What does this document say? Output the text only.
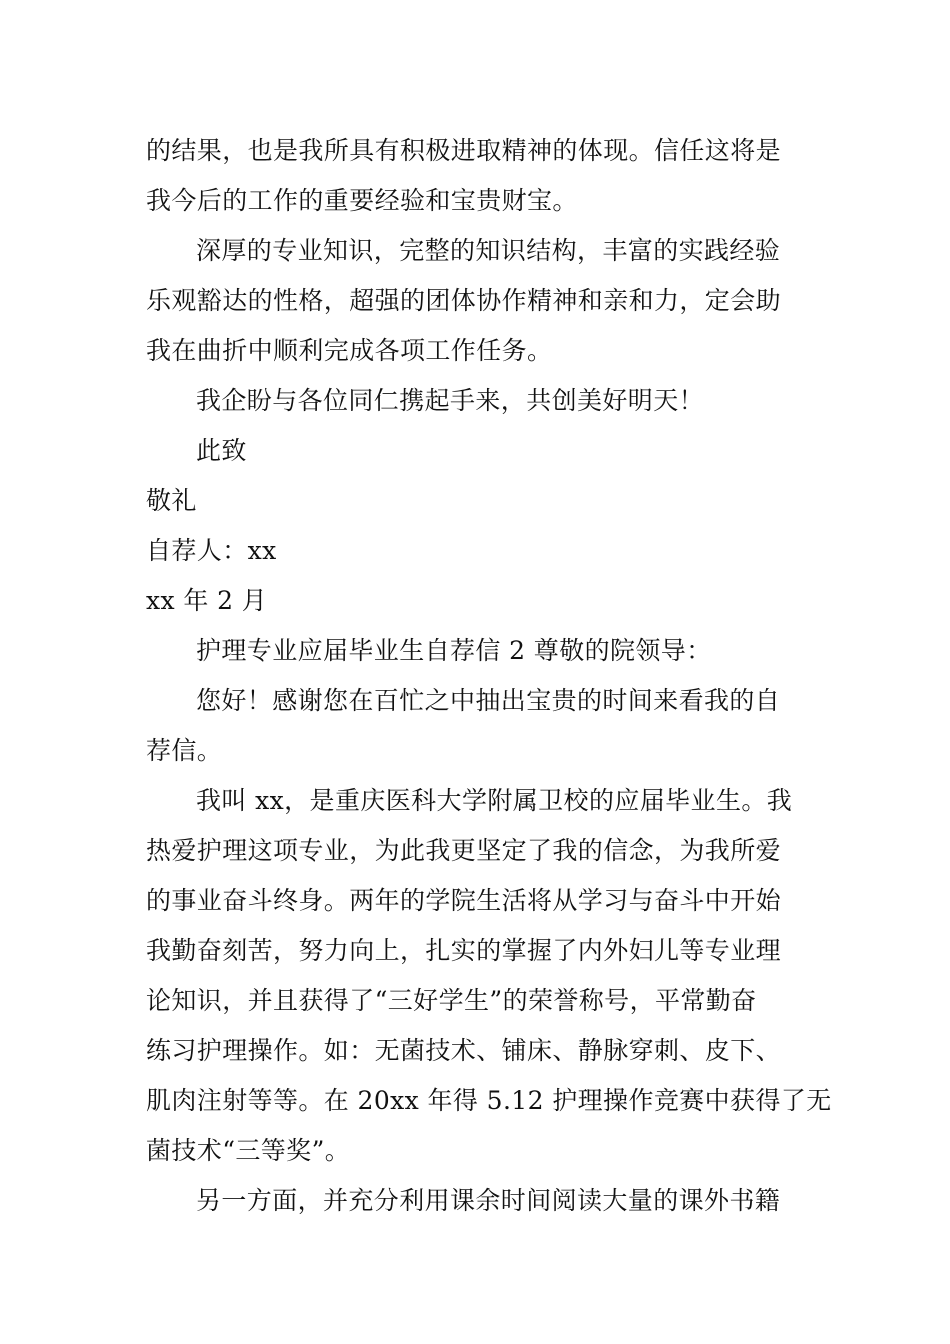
的结果，也是我所具有积极进取精神的体现。信任这将是
我今后的工作的重要经验和宝贵财宝。
深厚的专业知识，完整的知识结构，丰富的实践经验
乐观豁达的性格，超强的团体协作精神和亲和力，定会助
我在曲折中顺利完成各项工作任务。
我企盼与各位同仁携起手来，共创美好明天！
此致
敬礼
自荐人：xx
xx 年 2 月
护理专业应届毕业生自荐信 2 尊敬的院领导：
您好！感谢您在百忙之中抽出宝贵的时间来看我的自
荐信。
我叫 xx，是重庆医科大学附属卫校的应届毕业生。我
热爱护理这项专业，为此我更坚定了我的信念，为我所爱
的事业奋斗终身。两年的学院生活将从学习与奋斗中开始
我勤奋刻苦，努力向上，扎实的掌握了内外妇儿等专业理
论知识，并且获得了“三好学生”的荣誉称号，平常勤奋
练习护理操作。如：无菌技术、铺床、静脉穿刺、皮下、
肌肉注射等等。在 20xx 年得 5.12 护理操作竞赛中获得了无
菌技术“三等奖”。
另一方面，并充分利用课余时间阅读大量的课外书籍
